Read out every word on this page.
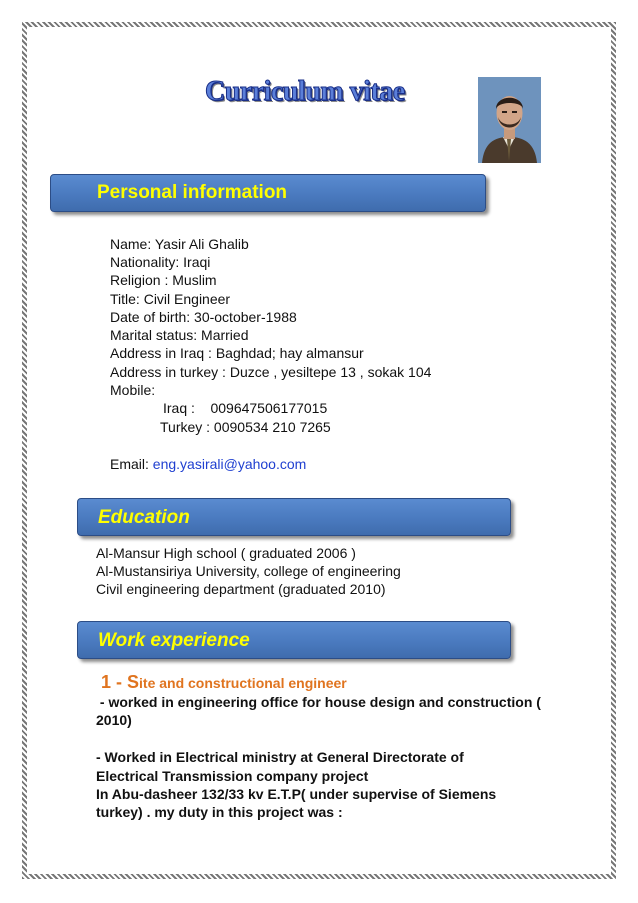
Curriculum vitae
Personal information
Name: Yasir Ali Ghalib
Nationality: Iraqi
Religion : Muslim
Title: Civil Engineer
Date of birth: 30-october-1988
Marital status: Married
Address in Iraq : Baghdad; hay almansur
Address in turkey : Duzce , yesiltepe 13 , sokak 104
Mobile:
Iraq :    009647506177015
Turkey : 0090534 210 7265
Email: eng.yasirali@yahoo.com
Education
Al-Mansur High school ( graduated 2006 )
Al-Mustansiriya University, college of engineering
Civil engineering department (graduated 2010)
Work experience
1 - Site and constructional engineer
- worked in engineering office for house design and construction (
2010)
- Worked in Electrical ministry at General Directorate of
Electrical Transmission company project
In Abu-dasheer 132/33 kv E.T.P( under supervise of Siemens
turkey) . my duty in this project was :
